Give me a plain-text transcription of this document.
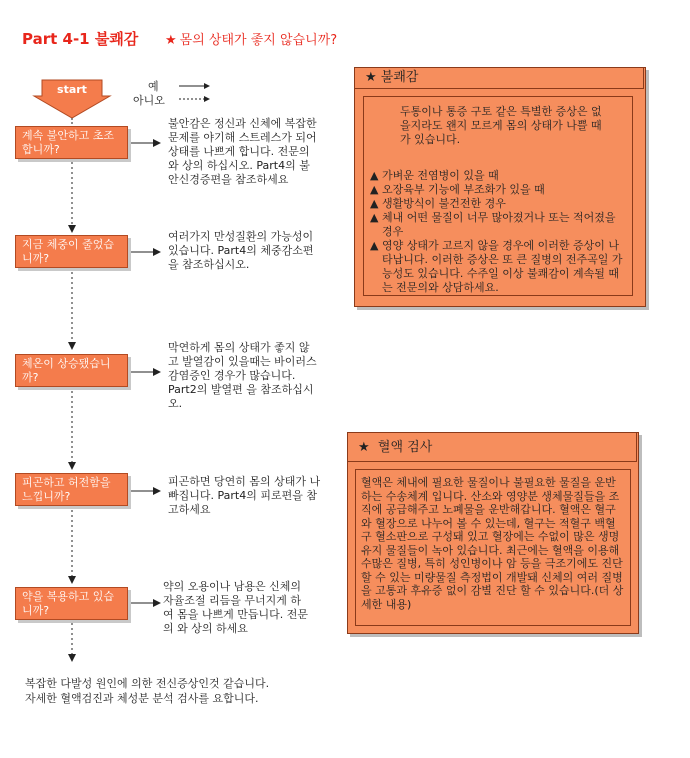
Part 4-1 불쾌감 ★ 몸의 상태가 좋지 않습니까?
start	예
아니오
계속 불안하고 초조합니까?
지금 체중이 줄었습니까?
체온이 상승됐습니까?
피곤하고 허전함을 느낍니까?
약을 복용하고 있습니까?
불안감은 정신과 신체에 복잡한 문제를 야기해 스트레스가 되어 상태를 나쁘게 합니다. 전문의와 상의 하십시오. Part4의 불안신경증편을 참조하세요
여러가지 만성질환의 가능성이 있습니다. Part4의 체중감소편을 참조하십시오.
막연하게 몸의 상태가 좋지 않고 발열감이 있을때는 바이러스 감염증인 경우가 많습니다. Part2의 발열편 을 참조하십시오.
피곤하면 당연히 몸의 상태가 나빠집니다. Part4의 피로편을 참고하세요
약의 오용이나 남용은 신체의 자율조절 리듬을 무너지게 하여 몸을 나쁘게 만듭니다. 전문의 와 상의 하세요
복잡한 다발성 원인에 의한 전신증상인것 같습니다.
자세한 혈액검진과 체성분 분석 검사를 요합니다.
★ 불쾌감
두통이나 통증 구토 같은 특별한 증상은 없을지라도 왠지 모르게 몸의 상태가 나쁠 때가 있습니다.

▲ 가벼운 전염병이 있을 때

▲ 오장육부 기능에 부조화가 있을 때

▲ 생활방식이 불건전한 경우

▲ 체내 어떤 물질이 너무 많아졌거나 또는 적어졌을 경우

▲ 영양 상태가 고르지 않을 경우에 이러한 증상이 나타납니다. 이러한 증상은 또 큰 질병의 전주곡일 가능성도 있습니다. 수주일 이상 불쾌감이 계속될 때는 전문의와 상담하세요.

★  혈액 검사
혈액은 체내에 필요한 물질이나 불필요한 물질을 운반하는 수송체계 입니다. 산소와 영양분 생체물질들을 조직에 공급해주고 노폐물을 운반해갑니다. 혈액은 혈구와 혈장으로 나누어 볼 수 있는데, 혈구는 적혈구 백혈구 혈소판으로 구성돼 있고 혈장에는 수없이 많은 생명유지 물질들이 녹아 있습니다. 최근에는 혈액을 이용해 수많은 질병, 특히 성인병이나 암 등을 극조기에도 진단할 수 있는 미량물질 측정법이 개발돼 신체의 여러 질병을 고통과 후유증 없이 감별 진단 할 수 있습니다.(더 상세한 내용)
